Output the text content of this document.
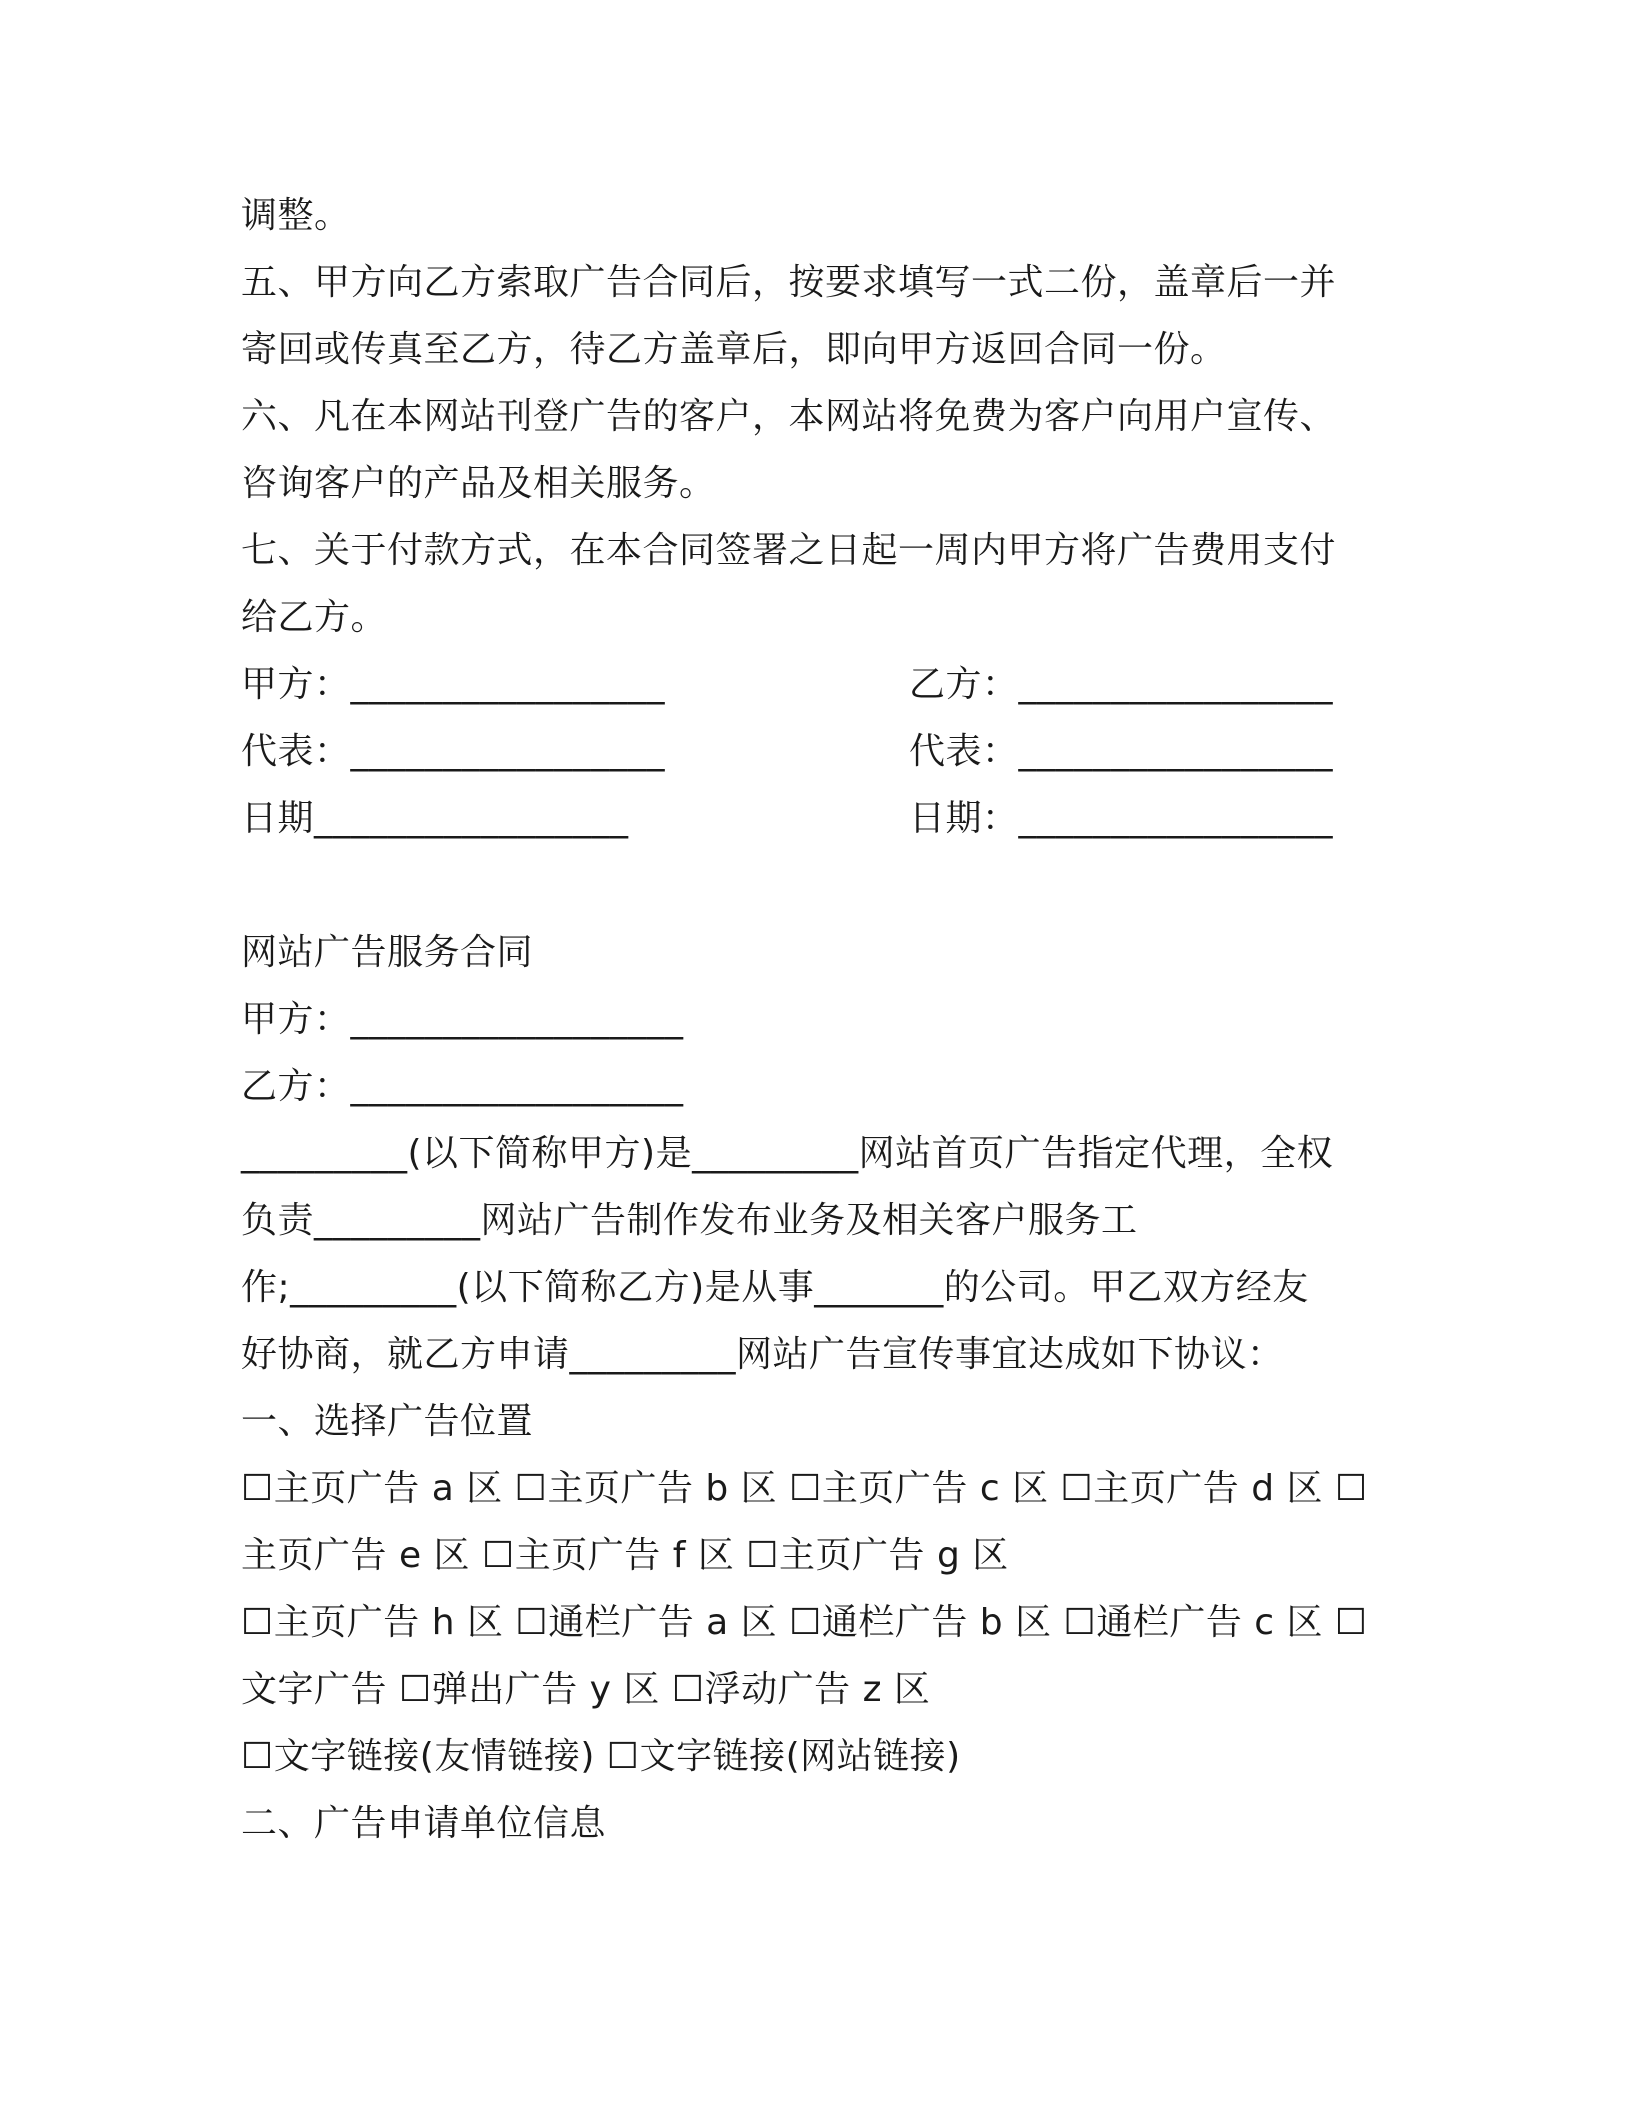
调整。
五、甲方向乙方索取广告合同后，按要求填写一式二份，盖章后一并
寄回或传真至乙方，待乙方盖章后，即向甲方返回合同一份。
六、凡在本网站刊登广告的客户，本网站将免费为客户向用户宣传、
咨询客户的产品及相关服务。
七、关于付款方式，在本合同签署之日起一周内甲方将广告费用支付
给乙方。
甲方：_________________	乙方：_________________
代表：_________________	代表：_________________
日期_________________	日期：_________________
网站广告服务合同
甲方：__________________
乙方：__________________
_________(以下简称甲方)是_________网站首页广告指定代理，全权
负责_________网站广告制作发布业务及相关客户服务工
作;_________(以下简称乙方)是从事_______的公司。甲乙双方经友
好协商，就乙方申请_________网站广告宣传事宜达成如下协议：
一、选择广告位置
☐主页广告 a 区 ☐主页广告 b 区 ☐主页广告 c 区 ☐主页广告 d 区 ☐
主页广告 e 区 ☐主页广告 f 区 ☐主页广告 g 区
☐主页广告 h 区 ☐通栏广告 a 区 ☐通栏广告 b 区 ☐通栏广告 c 区 ☐
文字广告 ☐弹出广告 y 区 ☐浮动广告 z 区
☐文字链接(友情链接) ☐文字链接(网站链接)
二、广告申请单位信息
